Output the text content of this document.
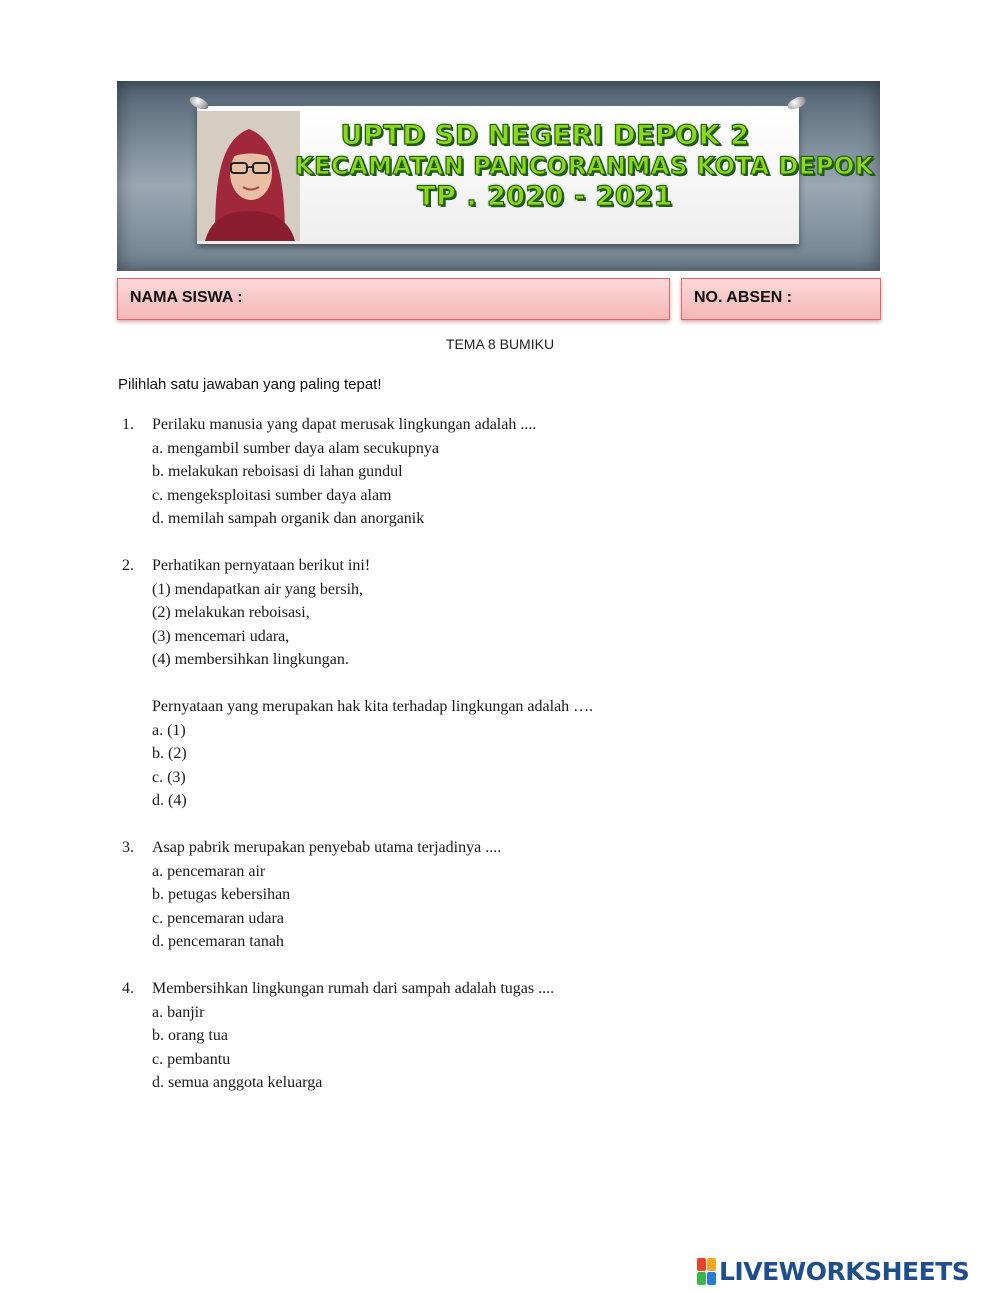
UPTD SD NEGERI DEPOK 2
KECAMATAN PANCORANMAS KOTA DEPOK
TP . 2020 - 2021
NAMA SISWA :	NO. ABSEN :
TEMA 8 BUMIKU
Pilihlah satu jawaban yang paling tepat!
1. Perilaku manusia yang dapat merusak lingkungan adalah ....
a. mengambil sumber daya alam secukupnya
b. melakukan reboisasi di lahan gundul
c. mengeksploitasi sumber daya alam
d. memilah sampah organik dan anorganik
2. Perhatikan pernyataan berikut ini!
(1) mendapatkan air yang bersih,
(2) melakukan reboisasi,
(3) mencemari udara,
(4) membersihkan lingkungan.
Pernyataan yang merupakan hak kita terhadap lingkungan adalah ….
a. (1)
b. (2)
c. (3)
d. (4)
3. Asap pabrik merupakan penyebab utama terjadinya ....
a. pencemaran air
b. petugas kebersihan
c. pencemaran udara
d. pencemaran tanah
4. Membersihkan lingkungan rumah dari sampah adalah tugas ....
a. banjir
b. orang tua
c. pembantu
d. semua anggota keluarga
LIVEWORKSHEETS
